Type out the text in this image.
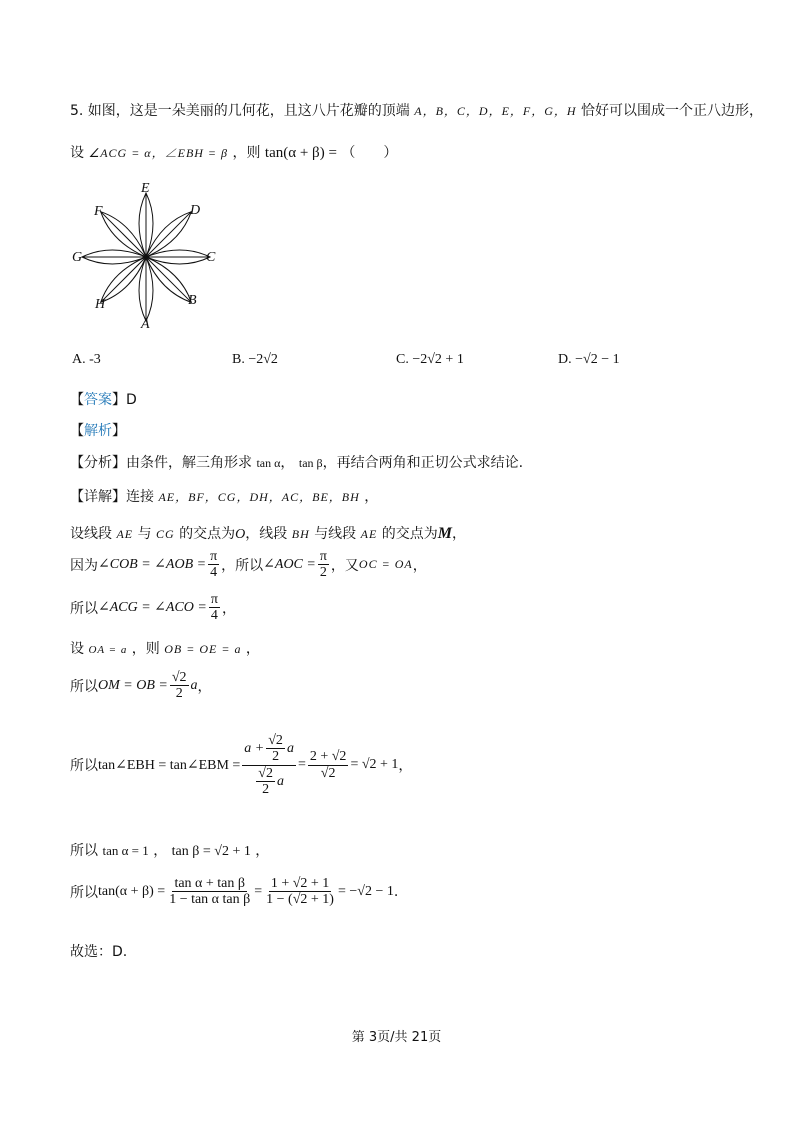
5. 如图，这是一朵美丽的几何花，且这八片花瓣的顶端 A，B，C，D，E，F，G，H 恰好可以围成一个正八边形，
设 ∠ACG = α，∠EBH = β ，则 tan(α + β) = （　　）
E
D
C
B
A
H
G
F
A. -3	B. −2√2	C. −2√2 + 1	D. −√2 − 1
【答案】D
【解析】
【分析】由条件，解三角形求 tan α， tan β，再结合两角和正切公式求结论.
【详解】连接 AE，BF，CG，DH，AC，BE，BH ，
设线段 AE 与 CG 的交点为O，线段 BH 与线段 AE 的交点为M，
因为 ∠COB = ∠AOB = $\frac{\pi}{4}$ ，所以 ∠AOC = $\frac{\pi}{2}$ ，又 OC = OA ，
所以 ∠ACG = ∠ACO = $\frac{\pi}{4}$ ，
设 OA = a ，则 OB = OE = a ，
所以 OM = OB = $\frac{√2}{2}$ a ，
所以 tan∠EBH = tan∠EBM = $\frac{a + \frac{√2}{2} a}{\frac{√2}{2} a} = \frac{2 + √2}{√2} = √2 + 1$ ，
所以 tan α = 1 ， tan β = √2 + 1 ，
所以 $\tan(\alpha + \beta) = \frac{\text{tan α + tan β}}{\text{1 − tan α tan β}} = \frac{1 + √2 + 1}{1 - (√2 + 1)} = -√2 - 1$ .
故选：D.
第 3页/共 21页
